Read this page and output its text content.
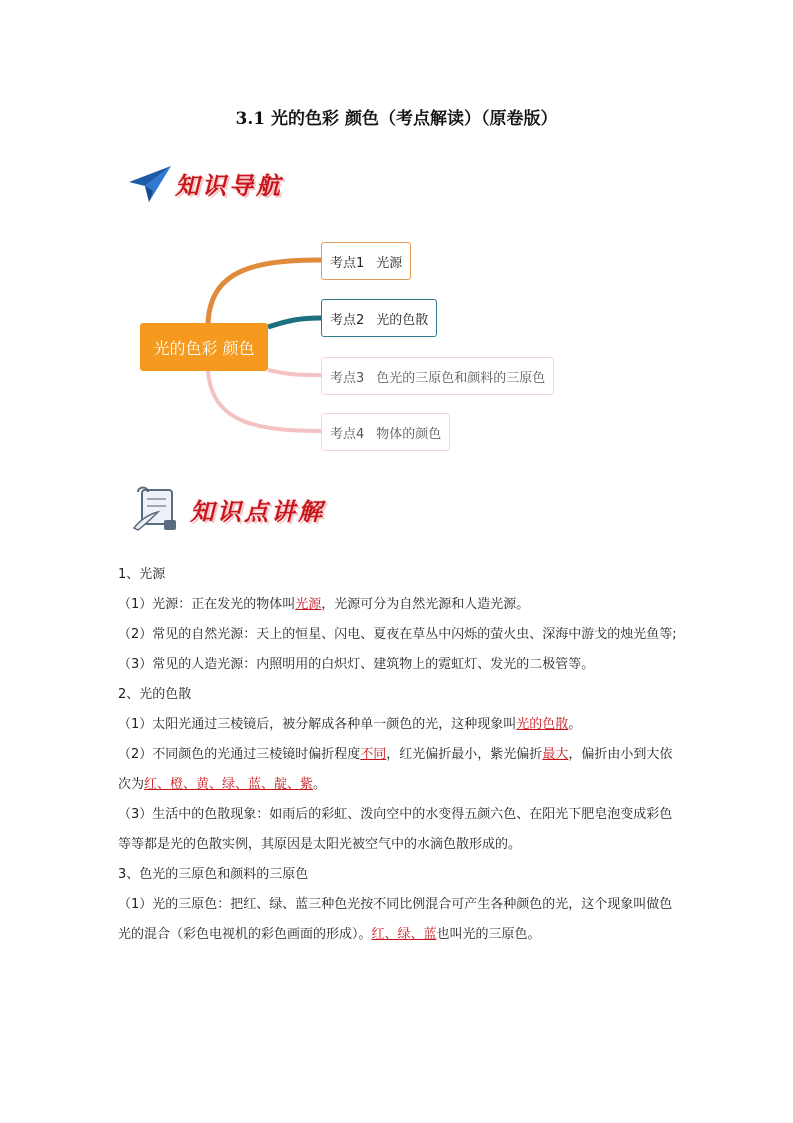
3.1 光的色彩 颜色（考点解读）（原卷版）
知识导航
光的色彩 颜色
考点1 光源
考点2 光的色散
考点3 色光的三原色和颜料的三原色
考点4 物体的颜色
知识点讲解

1、光源

（1）光源：正在发光的物体叫光源，光源可分为自然光源和人造光源。

（2）常见的自然光源：天上的恒星、闪电、夏夜在草丛中闪烁的萤火虫、深海中游戈的烛光鱼等;

（3）常见的人造光源：内照明用的白炽灯、建筑物上的霓虹灯、发光的二极管等。

2、光的色散

（1）太阳光通过三棱镜后，被分解成各种单一颜色的光，这种现象叫光的色散。

（2）不同颜色的光通过三棱镜时偏折程度不同，红光偏折最小，紫光偏折最大，偏折由小到大依次为红、橙、黄、绿、蓝、靛、紫。

（3）生活中的色散现象：如雨后的彩虹、泼向空中的水变得五颜六色、在阳光下肥皂泡变成彩色等等都是光的色散实例，其原因是太阳光被空气中的水滴色散形成的。

3、色光的三原色和颜料的三原色

（1）光的三原色：把红、绿、蓝三种色光按不同比例混合可产生各种颜色的光，这个现象叫做色光的混合（彩色电视机的彩色画面的形成）。红、绿、蓝也叫光的三原色。
